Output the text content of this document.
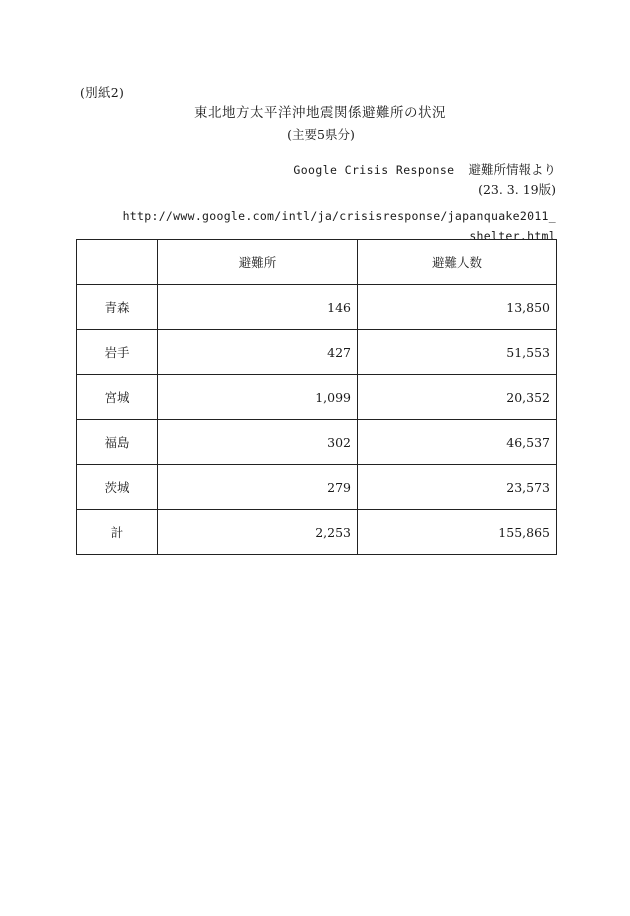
(別紙2)
東北地方太平洋沖地震関係避難所の状況
(主要5県分)
Google Crisis Response 避難所情報より
(23. 3. 19版)
http://www.google.com/intl/ja/crisisresponse/japanquake2011_
shelter.html
	避難所	避難人数
青森	146	13,850
岩手	427	51,553
宮城	1,099	20,352
福島	302	46,537
茨城	279	23,573
計	2,253	155,865
